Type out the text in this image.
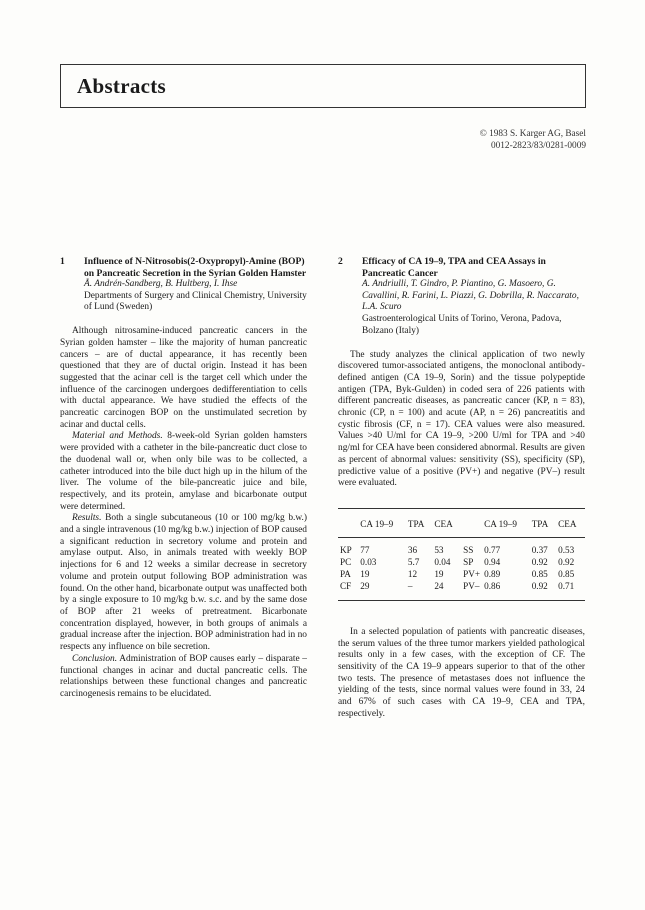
Abstracts
© 1983 S. Karger AG, Basel
0012-2823/83/0281-0009
1 Influence of N-Nitrosobis(2-Oxypropyl)-Amine (BOP) on Pancreatic Secretion in the Syrian Golden Hamster
Å. Andrén-Sandberg, B. Hultberg, I. Ihse
Departments of Surgery and Clinical Chemistry, University of Lund (Sweden)

Although nitrosamine-induced pancreatic cancers in the Syrian golden hamster – like the majority of human pancreatic cancers – are of ductal appearance, it has recently been questioned that they are of ductal origin. Instead it has been suggested that the acinar cell is the target cell which under the influence of the carcinogen undergoes dedifferentiation to cells with ductal appearance. We have studied the effects of the pancreatic carcinogen BOP on the unstimulated secretion by acinar and ductal cells.

Material and Methods. 8-week-old Syrian golden hamsters were provided with a catheter in the bile-pancreatic duct close to the duodenal wall or, when only bile was to be collected, a catheter introduced into the bile duct high up in the hilum of the liver. The volume of the bile-pancreatic juice and bile, respectively, and its protein, amylase and bicarbonate output were determined.

Results. Both a single subcutaneous (10 or 100 mg/kg b.w.) and a single intravenous (10 mg/kg b.w.) injection of BOP caused a significant reduction in secretory volume and protein and amylase output. Also, in animals treated with weekly BOP injections for 6 and 12 weeks a similar decrease in secretory volume and protein output following BOP administration was found. On the other hand, bicarbonate output was unaffected both by a single exposure to 10 mg/kg b.w. s.c. and by the same dose of BOP after 21 weeks of pretreatment. Bicarbonate concentration displayed, however, in both groups of animals a gradual increase after the injection. BOP administration had in no respects any influence on bile secretion.

Conclusion. Administration of BOP causes early – disparate – functional changes in acinar and ductal pancreatic cells. The relationships between these functional changes and pancreatic carcinogenesis remains to be elucidated.

2 Efficacy of CA 19–9, TPA and CEA Assays in Pancreatic Cancer
A. Andriulli, T. Gindro, P. Piantino, G. Masoero, G. Cavallini, R. Farini, L. Piazzi, G. Dobrilla, R. Naccarato, L.A. Scuro
Gastroenterological Units of Torino, Verona, Padova, Bolzano (Italy)

The study analyzes the clinical application of two newly discovered tumor-associated antigens, the monoclonal antibody-defined antigen (CA 19–9, Sorin) and the tissue polypeptide antigen (TPA, Byk-Gulden) in coded sera of 226 patients with different pancreatic diseases, as pancreatic cancer (KP, n = 83), chronic (CP, n = 100) and acute (AP, n = 26) pancreatitis and cystic fibrosis (CF, n = 17). CEA values were also measured. Values >40 U/ml for CA 19–9, >200 U/ml for TPA and >40 ng/ml for CEA have been considered abnormal. Results are given as percent of abnormal values: sensitivity (SS), specificity (SP), predictive value of a positive (PV+) and negative (PV–) result were evaluated.

	CA 19–9	TPA	CEA		CA 19–9	TPA	CEA

KP	77	36	53	SS	0.77	0.37	0.53
PC	0.03	5.7	0.04	SP	0.94	0.92	0.92
PA	19	12	19	PV+	0.89	0.85	0.85
CF	29	–	24	PV–	0.86	0.92	0.71

In a selected population of patients with pancreatic diseases, the serum values of the three tumor markers yielded pathological results only in a few cases, with the exception of CF. The sensitivity of the CA 19–9 appears superior to that of the other two tests. The presence of metastases does not influence the yielding of the tests, since normal values were found in 33, 24 and 67% of such cases with CA 19–9, CEA and TPA, respectively.
